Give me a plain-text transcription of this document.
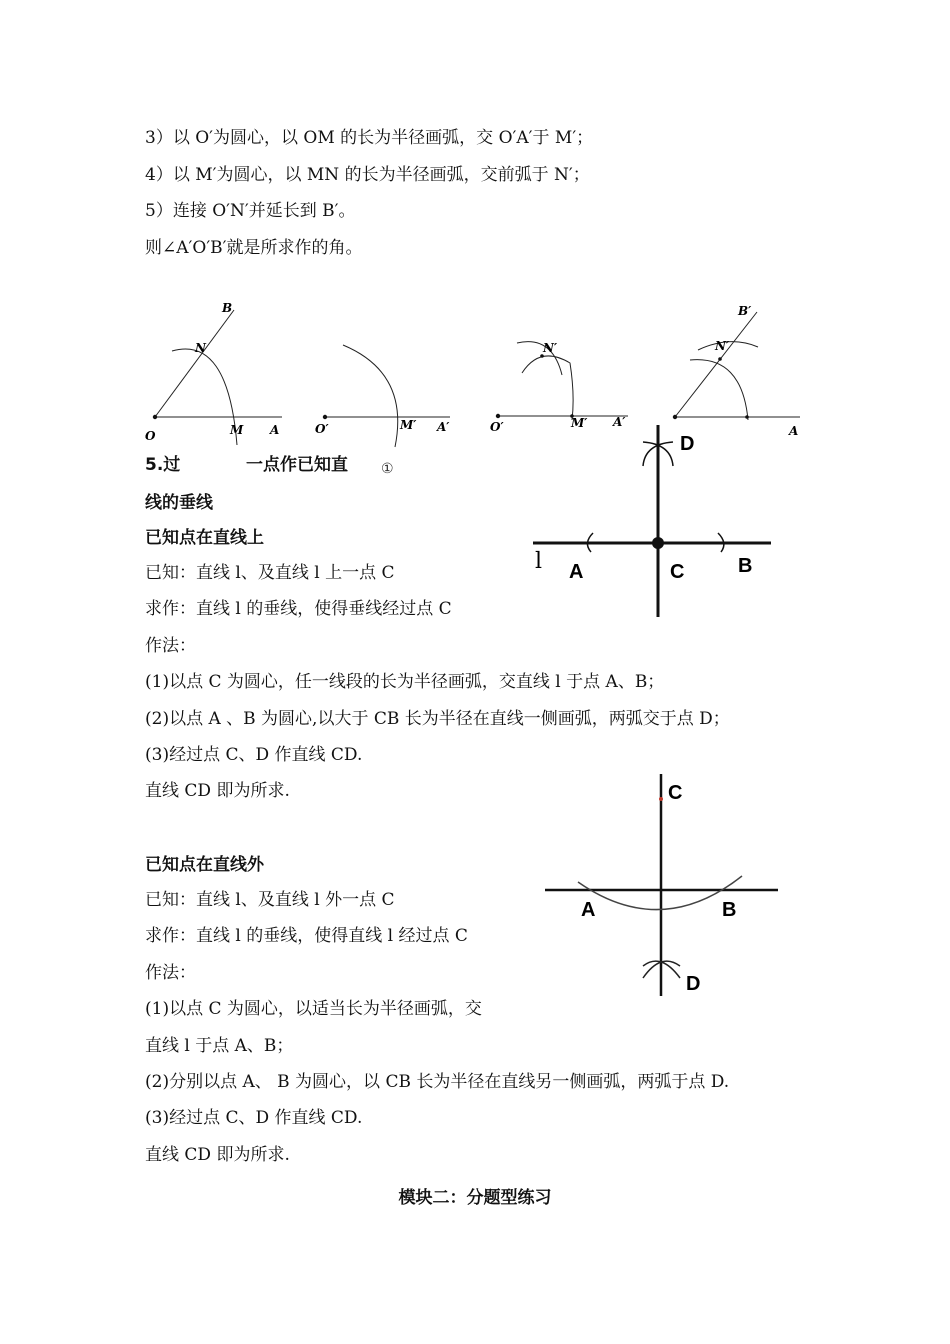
3）以 O′为圆心，以 OM 的长为半径画弧，交 O′A′于 M′；
4）以 M′为圆心，以 MN 的长为半径画弧，交前弧于 N′；
5）连接 O′N′并延长到 B′。
则∠A′O′B′就是所求作的角。
O	M A
N
B
O′	M′ A′	O′
N′
M′ A′
N′
B′
A
5.过	一点作已知直 ①
线的垂线
已知点在直线上
已知：直线 l、及直线 l 上一点 C
求作：直线 l 的垂线，使得垂线经过点 C
作法：
(1)以点 C 为圆心，任一线段的长为半径画弧，交直线 l 于点 A、B；
(2)以点 A 、B 为圆心,以大于 CB 长为半径在直线一侧画弧，两弧交于点 D；
(3)经过点 C、D 作直线 CD.
直线 CD 即为所求.
l A	C	B
D
已知点在直线外
已知：直线 l、及直线 l 外一点 C
求作：直线 l 的垂线，使得直线 l 经过点 C
作法：
(1)以点 C 为圆心，以适当长为半径画弧，交
直线 l 于点 A、B；
(2)分别以点 A、 B 为圆心，以 CB 长为半径在直线另一侧画弧，两弧于点 D.
(3)经过点 C、D 作直线 CD.
直线 CD 即为所求.
C
A	B
D
模块二：分题型练习
